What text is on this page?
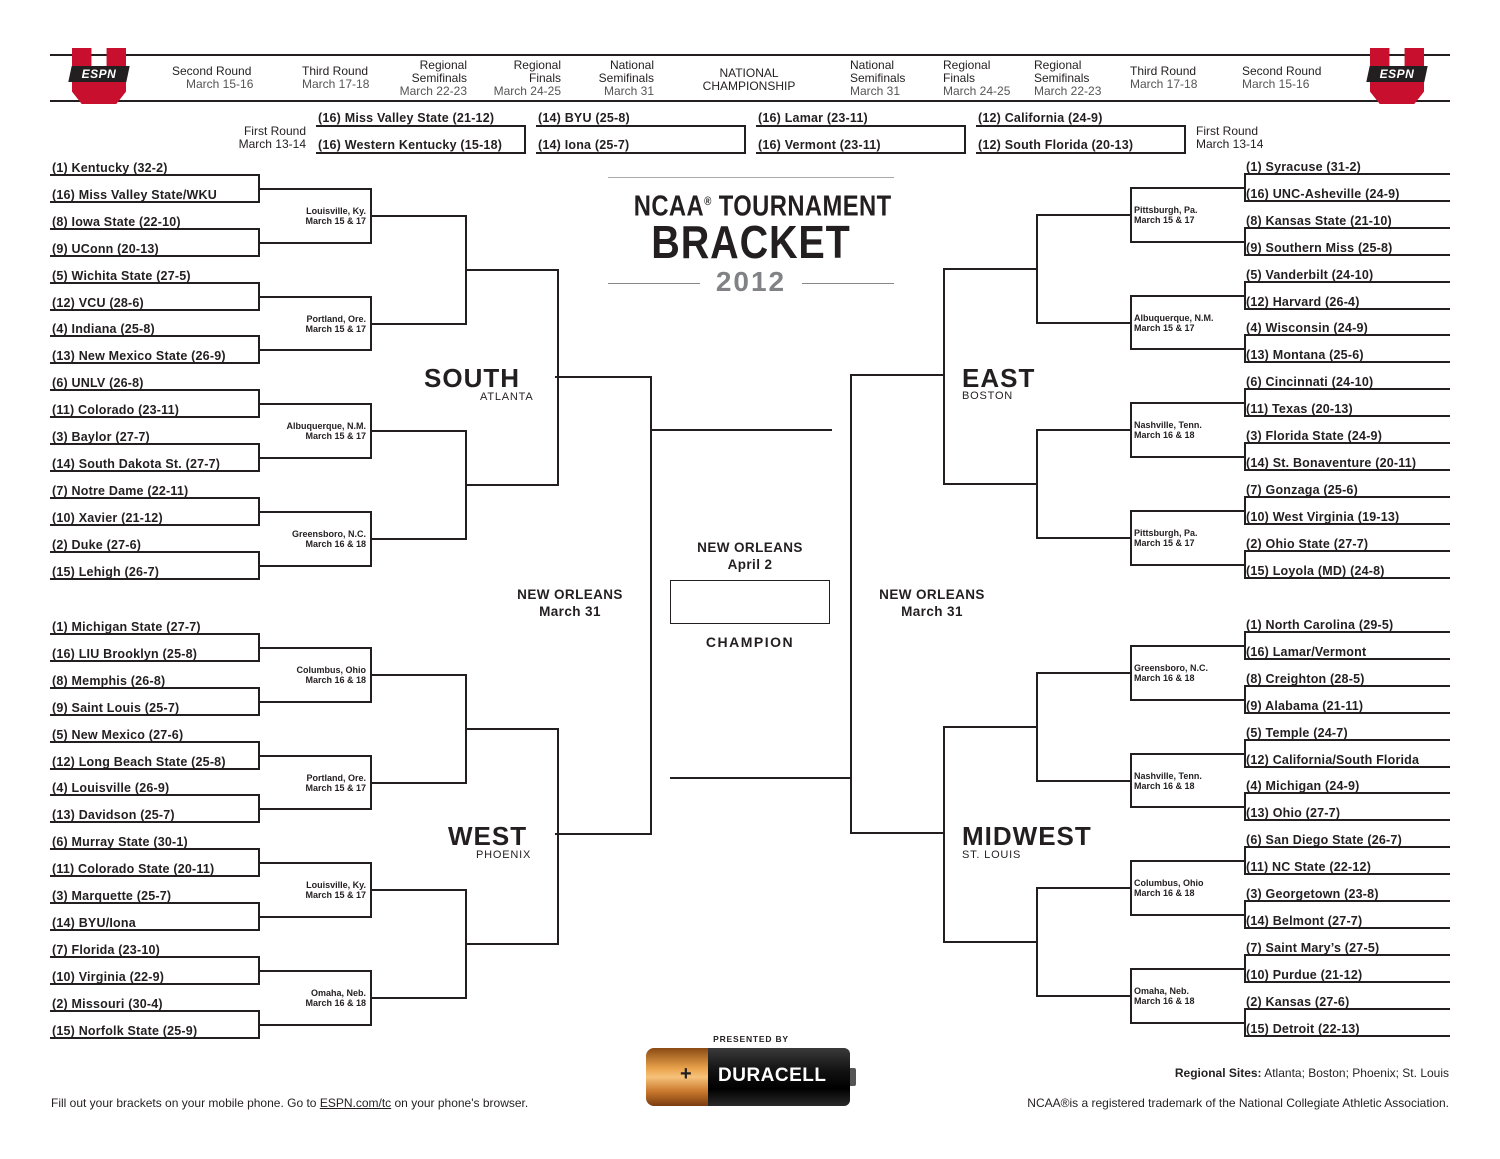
ESPN	ESPN
Second Round
March 15-16
Third Round
March 17-18
Regional Semifinals
March 22-23
Regional Finals
March 24-25
National Semifinals
March 31
NATIONAL CHAMPIONSHIP
National Semifinals
March 31
Regional Finals
March 24-25
Regional Semifinals
March 22-23
Third Round
March 17-18
Second Round
March 15-16
First Round
March 13-14
First Round
March 13-14
(16) Miss Valley State (21-12)
(16) Western Kentucky (15-18)
(14) BYU (25-8)
(14) Iona (25-7)
(16) Lamar (23-11)
(16) Vermont (23-11)
(12) California (24-9)
(12) South Florida (20-13)
NCAA® TOURNAMENT
BRACKET
2012
(1) Kentucky (32-2)
(16) Miss Valley State/WKU
(8) Iowa State (22-10)
(9) UConn (20-13)
(5) Wichita State (27-5)
(12) VCU (28-6)
(4) Indiana (25-8)
(13) New Mexico State (26-9)
(6) UNLV (26-8)
(11) Colorado (23-11)
(3) Baylor (27-7)
(14) South Dakota St. (27-7)
(7) Notre Dame (22-11)
(10) Xavier (21-12)
(2) Duke (27-6)
(15) Lehigh (26-7)
Louisville, Ky.
March 15 & 17
Portland, Ore.
March 15 & 17
Albuquerque, N.M.
March 15 & 17
Greensboro, N.C.
March 16 & 18
(1) Michigan State (27-7)
(16) LIU Brooklyn (25-8)
(8) Memphis (26-8)
(9) Saint Louis (25-7)
(5) New Mexico (27-6)
(12) Long Beach State (25-8)
(4) Louisville (26-9)
(13) Davidson (25-7)
(6) Murray State (30-1)
(11) Colorado State (20-11)
(3) Marquette (25-7)
(14) BYU/Iona
(7) Florida (23-10)
(10) Virginia (22-9)
(2) Missouri (30-4)
(15) Norfolk State (25-9)
Columbus, Ohio
March 16 & 18
Portland, Ore.
March 15 & 17
Louisville, Ky.
March 15 & 17
Omaha, Neb.
March 16 & 18
(1) Syracuse (31-2)
(16) UNC-Asheville (24-9)
(8) Kansas State (21-10)
(9) Southern Miss (25-8)
(5) Vanderbilt (24-10)
(12) Harvard (26-4)
(4) Wisconsin (24-9)
(13) Montana (25-6)
(6) Cincinnati (24-10)
(11) Texas (20-13)
(3) Florida State (24-9)
(14) St. Bonaventure (20-11)
(7) Gonzaga (25-6)
(10) West Virginia (19-13)
(2) Ohio State (27-7)
(15) Loyola (MD) (24-8)
Pittsburgh, Pa.
March 15 & 17
Albuquerque, N.M.
March 15 & 17
Nashville, Tenn.
March 16 & 18
Pittsburgh, Pa.
March 15 & 17
(1) North Carolina (29-5)
(16) Lamar/Vermont
(8) Creighton (28-5)
(9) Alabama (21-11)
(5) Temple (24-7)
(12) California/South Florida
(4) Michigan (24-9)
(13) Ohio (27-7)
(6) San Diego State (26-7)
(11) NC State (22-12)
(3) Georgetown (23-8)
(14) Belmont (27-7)
(7) Saint Mary’s (27-5)
(10) Purdue (21-12)
(2) Kansas (27-6)
(15) Detroit (22-13)
Greensboro, N.C.
March 16 & 18
Nashville, Tenn.
March 16 & 18
Columbus, Ohio
March 16 & 18
Omaha, Neb.
March 16 & 18
SOUTH
ATLANTA
EAST
BOSTON
WEST
PHOENIX
MIDWEST
ST. LOUIS
NEW ORLEANS
March 31
NEW ORLEANS
March 31
NEW ORLEANS
April 2
CHAMPION
PRESENTED BY
+ DURACELL
Fill out your brackets on your mobile phone. Go to ESPN.com/tc on your phone's browser.
Regional Sites: Atlanta; Boston; Phoenix; St. Louis
NCAA®is a registered trademark of the National Collegiate Athletic Association.
